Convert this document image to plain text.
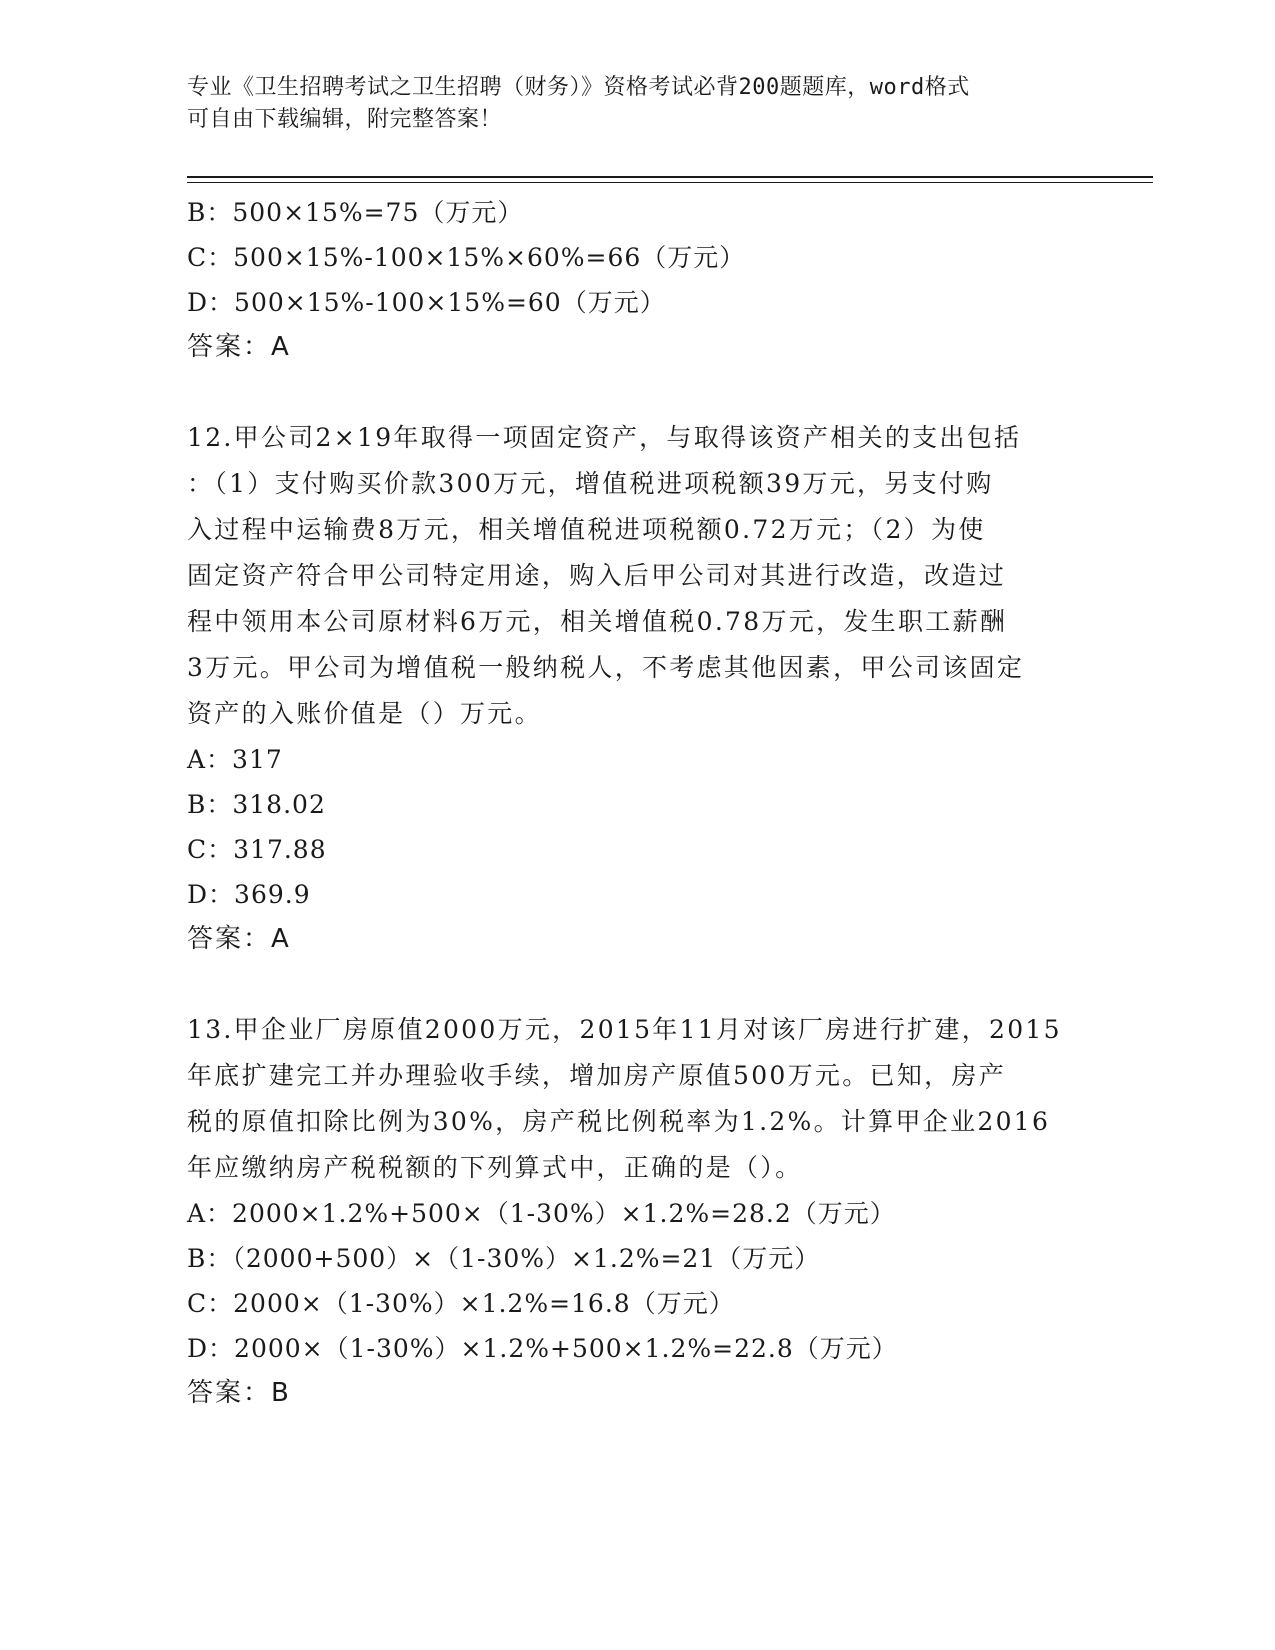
专业《卫生招聘考试之卫生招聘（财务）》资格考试必背200题题库，word格式
可自由下载编辑，附完整答案！
B：500×15%=75（万元）
C：500×15%-100×15%×60%=66（万元）
D：500×15%-100×15%=60（万元）
答案：A
12.甲公司2×19年取得一项固定资产，与取得该资产相关的支出包括
：（1）支付购买价款300万元，增值税进项税额39万元，另支付购
入过程中运输费8万元，相关增值税进项税额0.72万元；（2）为使
固定资产符合甲公司特定用途，购入后甲公司对其进行改造，改造过
程中领用本公司原材料6万元，相关增值税0.78万元，发生职工薪酬
3万元。甲公司为增值税一般纳税人，不考虑其他因素，甲公司该固定
资产的入账价值是（）万元。
A：317
B：318.02
C：317.88
D：369.9
答案：A
13.甲企业厂房原值2000万元，2015年11月对该厂房进行扩建，2015
年底扩建完工并办理验收手续，增加房产原值500万元。已知，房产
税的原值扣除比例为30%，房产税比例税率为1.2%。计算甲企业2016
年应缴纳房产税税额的下列算式中，正确的是（）。
A：2000×1.2%+500×（1-30%）×1.2%=28.2（万元）
B：（2000+500）×（1-30%）×1.2%=21（万元）
C：2000×（1-30%）×1.2%=16.8（万元）
D：2000×（1-30%）×1.2%+500×1.2%=22.8（万元）
答案：B
